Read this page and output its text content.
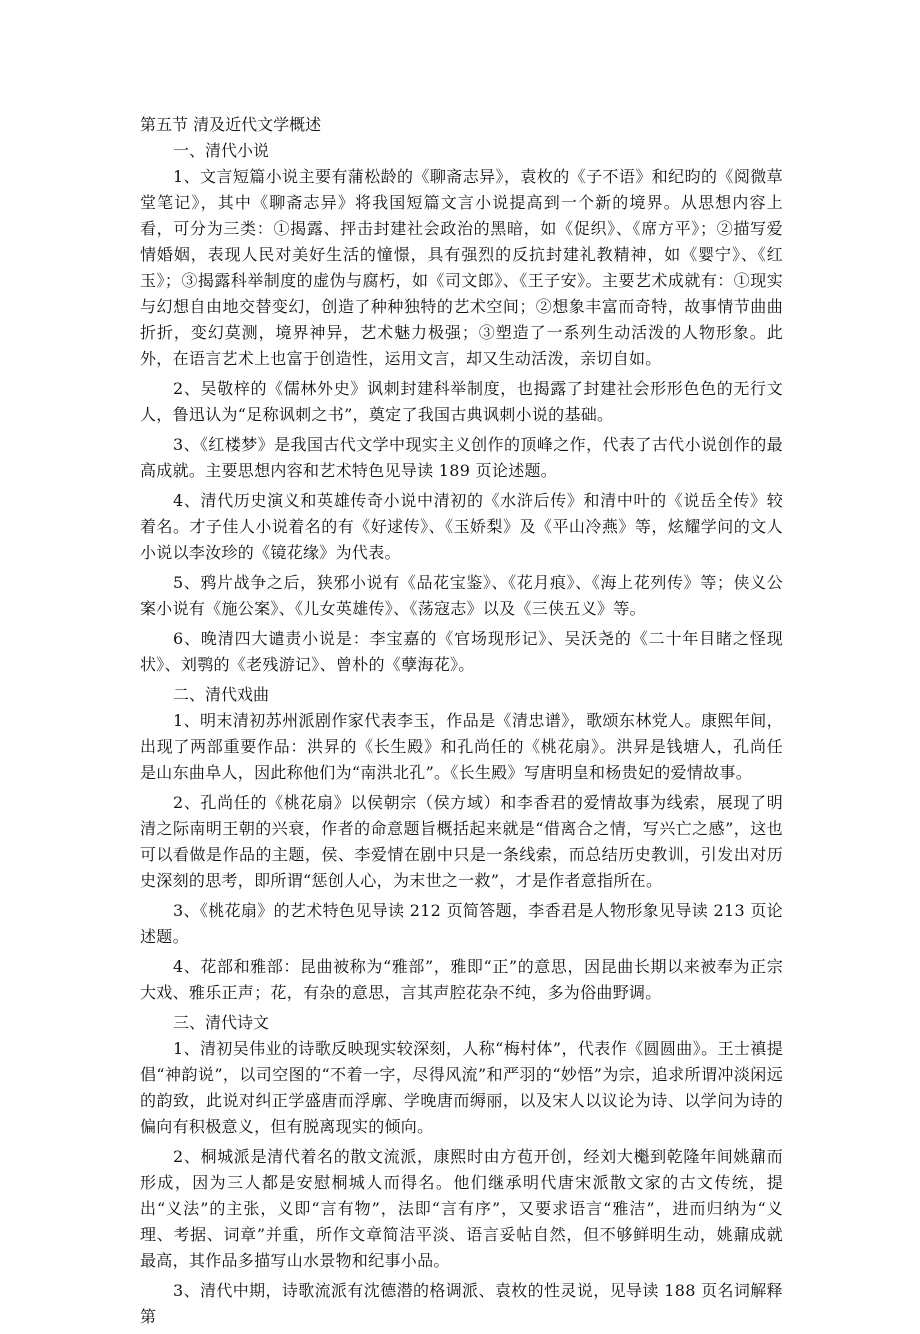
第五节 清及近代文学概述

一、清代小说

1、文言短篇小说主要有蒲松龄的《聊斋志异》，袁枚的《子不语》和纪昀的《阅微草堂笔记》，其中《聊斋志异》将我国短篇文言小说提高到一个新的境界。从思想内容上看，可分为三类：①揭露、抨击封建社会政治的黑暗，如《促织》、《席方平》；②描写爱情婚姻，表现人民对美好生活的憧憬，具有强烈的反抗封建礼教精神，如《婴宁》、《红玉》；③揭露科举制度的虚伪与腐朽，如《司文郎》、《王子安》。主要艺术成就有：①现实与幻想自由地交替变幻，创造了种种独特的艺术空间；②想象丰富而奇特，故事情节曲曲折折，变幻莫测，境界神异，艺术魅力极强；③塑造了一系列生动活泼的人物形象。此外，在语言艺术上也富于创造性，运用文言，却又生动活泼，亲切自如。

2、吴敬梓的《儒林外史》讽刺封建科举制度，也揭露了封建社会形形色色的无行文人，鲁迅认为“足称讽刺之书”，奠定了我国古典讽刺小说的基础。

3、《红楼梦》是我国古代文学中现实主义创作的顶峰之作，代表了古代小说创作的最高成就。主要思想内容和艺术特色见导读 189 页论述题。

4、清代历史演义和英雄传奇小说中清初的《水浒后传》和清中叶的《说岳全传》较着名。才子佳人小说着名的有《好逑传》、《玉娇梨》及《平山冷燕》等，炫耀学问的文人小说以李汝珍的《镜花缘》为代表。

5、鸦片战争之后，狭邪小说有《品花宝鉴》、《花月痕》、《海上花列传》等；侠义公案小说有《施公案》、《儿女英雄传》、《荡寇志》以及《三侠五义》等。

6、晚清四大谴责小说是：李宝嘉的《官场现形记》、吴沃尧的《二十年目睹之怪现状》、刘鹗的《老残游记》、曾朴的《孽海花》。

二、清代戏曲

1、明末清初苏州派剧作家代表李玉，作品是《清忠谱》，歌颂东林党人。康熙年间，出现了两部重要作品：洪昇的《长生殿》和孔尚任的《桃花扇》。洪昇是钱塘人，孔尚任是山东曲阜人，因此称他们为“南洪北孔”。《长生殿》写唐明皇和杨贵妃的爱情故事。

2、孔尚任的《桃花扇》以侯朝宗（侯方域）和李香君的爱情故事为线索，展现了明清之际南明王朝的兴衰，作者的命意题旨概括起来就是“借离合之情，写兴亡之感”，这也可以看做是作品的主题，侯、李爱情在剧中只是一条线索，而总结历史教训，引发出对历史深刻的思考，即所谓“惩创人心，为末世之一救”，才是作者意指所在。

3、《桃花扇》的艺术特色见导读 212 页简答题，李香君是人物形象见导读 213 页论述题。

4、花部和雅部：昆曲被称为“雅部”，雅即“正”的意思，因昆曲长期以来被奉为正宗大戏、雅乐正声；花，有杂的意思，言其声腔花杂不纯，多为俗曲野调。

三、清代诗文

1、清初吴伟业的诗歌反映现实较深刻，人称“梅村体”，代表作《圆圆曲》。王士禛提倡“神韵说”，以司空图的“不着一字，尽得风流”和严羽的“妙悟”为宗，追求所谓冲淡闲远的韵致，此说对纠正学盛唐而浮廓、学晚唐而缛丽，以及宋人以议论为诗、以学问为诗的偏向有积极意义，但有脱离现实的倾向。

2、桐城派是清代着名的散文流派，康熙时由方苞开创，经刘大櫆到乾隆年间姚鼐而形成，因为三人都是安慰桐城人而得名。他们继承明代唐宋派散文家的古文传统，提出“义法”的主张，义即“言有物”，法即“言有序”，又要求语言“雅洁”，进而归纳为“义理、考据、词章”并重，所作文章简洁平淡、语言妥帖自然，但不够鲜明生动，姚鼐成就最高，其作品多描写山水景物和纪事小品。

3、清代中期，诗歌流派有沈德潜的格调派、袁枚的性灵说，见导读 188 页名词解释第
